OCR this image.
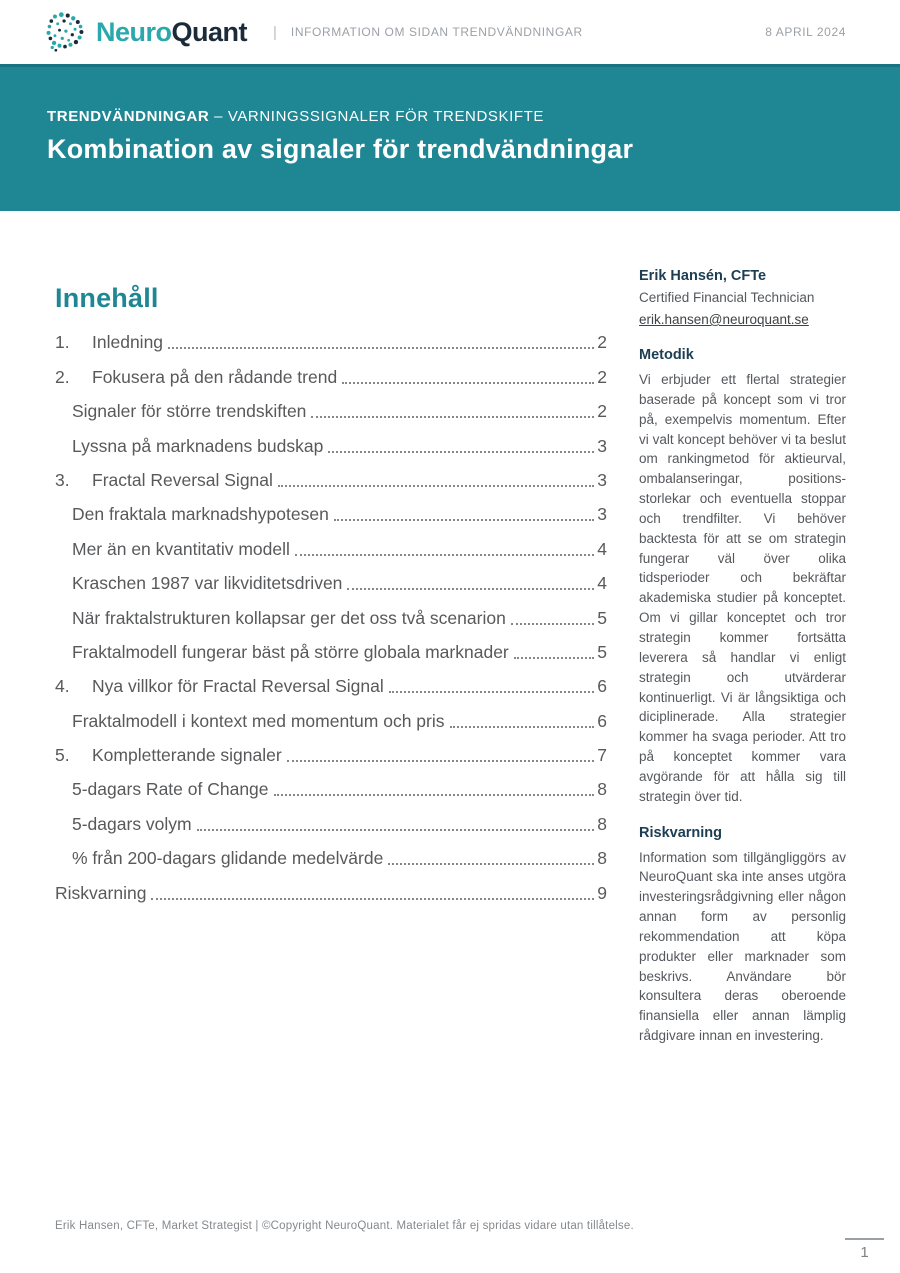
NeuroQuant | INFORMATION OM SIDAN TRENDVÄNDNINGAR	8 APRIL 2024
TRENDVÄNDNINGAR – VARNINGSSIGNALER FÖR TRENDSKIFTE
Kombination av signaler för trendvändningar
Innehåll
1.	Inledning	2
2.	Fokusera på den rådande trend	2
Signaler för större trendskiften	2
Lyssna på marknadens budskap	3
3.	Fractal Reversal Signal	3
Den fraktala marknadshypotesen	3
Mer än en kvantitativ modell	4
Kraschen 1987 var likviditetsdriven	4
När fraktalstrukturen kollapsar ger det oss två scenarion	5
Fraktalmodell fungerar bäst på större globala marknader	5
4.	Nya villkor för Fractal Reversal Signal	6
Fraktalmodell i kontext med momentum och pris	6
5.	Kompletterande signaler	7
5-dagars Rate of Change	8
5-dagars volym	8
% från 200-dagars glidande medelvärde	8
Riskvarning	9

Erik Hansén, CFTe

Certified Financial Technician

erik.hansen@neuroquant.se
Metodik

Vi erbjuder ett flertal strategier baserade på koncept som vi tror på, exempelvis momentum. Efter vi valt koncept behöver vi ta beslut om rankingmetod för aktieurval, ombalanseringar, positions-storlekar och eventuella stoppar och trendfilter. Vi behöver backtesta för att se om strategin fungerar väl över olika tidsperioder och bekräftar akademiska studier på konceptet. Om vi gillar konceptet och tror strategin kommer fortsätta leverera så handlar vi enligt strategin och utvärderar kontinuerligt. Vi är långsiktiga och diciplinerade. Alla strategier kommer ha svaga perioder. Att tro på konceptet kommer vara avgörande för att hålla sig till strategin över tid.

Riskvarning

Information som tillgängliggörs av NeuroQuant ska inte anses utgöra investeringsrådgivning eller någon annan form av personlig rekommendation att köpa produkter eller marknader som beskrivs. Användare bör konsultera deras oberoende finansiella eller annan lämplig rådgivare innan en investering.

Erik Hansen, CFTe, Market Strategist | ©Copyright NeuroQuant. Materialet får ej spridas vidare utan tillåtelse.
1
